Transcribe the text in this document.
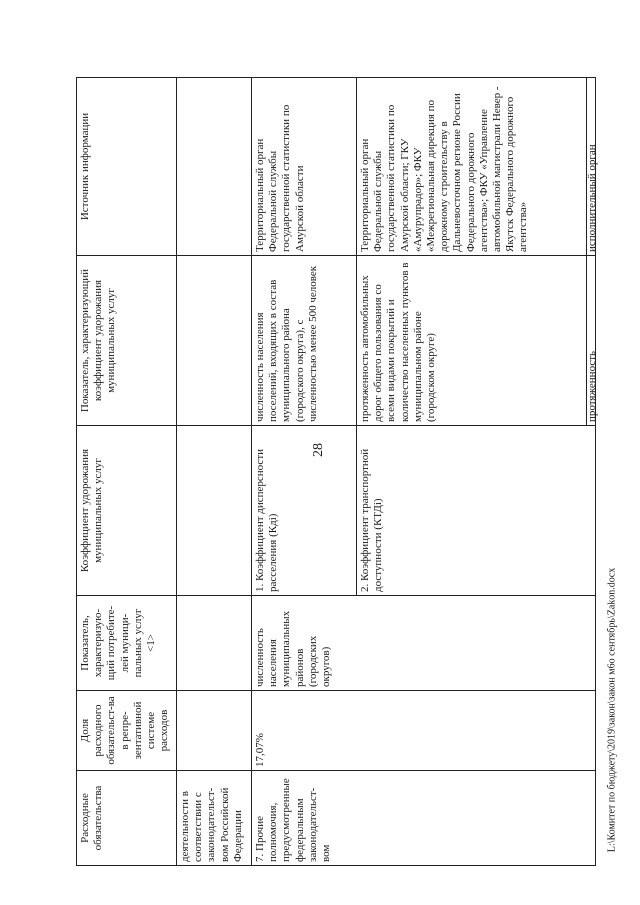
28
Расходные обязательства	Доля расходного обязательст-ва в репре-зентативной системе расходов	Показатель, характеризую-щий потребите-лей муници-пальных услуг <1>	Коэффициент удорожания муниципальных услуг	Показатель, характеризующий коэффициент удорожания муниципальных услуг	Источник информации
деятельности в соответствии с законодательст-вом Российской Федерации					
7. Прочие полномочия, предусмотренные федеральным законодательст-вом	17,07%	численность населения муниципальных районов (городских округов)	1. Коэффициент дисперсности расселения (Кдi)	численность населения поселений, входящих в состав муниципального района (городского округа), с численностью менее 500 человек	Территориальный орган Федеральной службы государственной статистики по Амурской области
			2. Коэффициент транспортной доступности (КТДi)	протяженность автомобильных дорог общего пользования со всеми видами покрытий и количество населенных пунктов в муниципальном районе (городском округе)	Территориальный орган Федеральной службы государственной статистики по Амурской области; ГКУ «Амурупрадор»; ФКУ «Межрегиональная дирекция по дорожному строительству в Дальневосточном регионе России Федерального дорожного агентства»; ФКУ «Управление автомобильной магистрали Невер - Якутск Федерального дорожного агентства»

				протяженность	исполнительный орган
L:\Комитет по бюджету\2019\закон\закон м6о сентябрь\Zakon.docx
